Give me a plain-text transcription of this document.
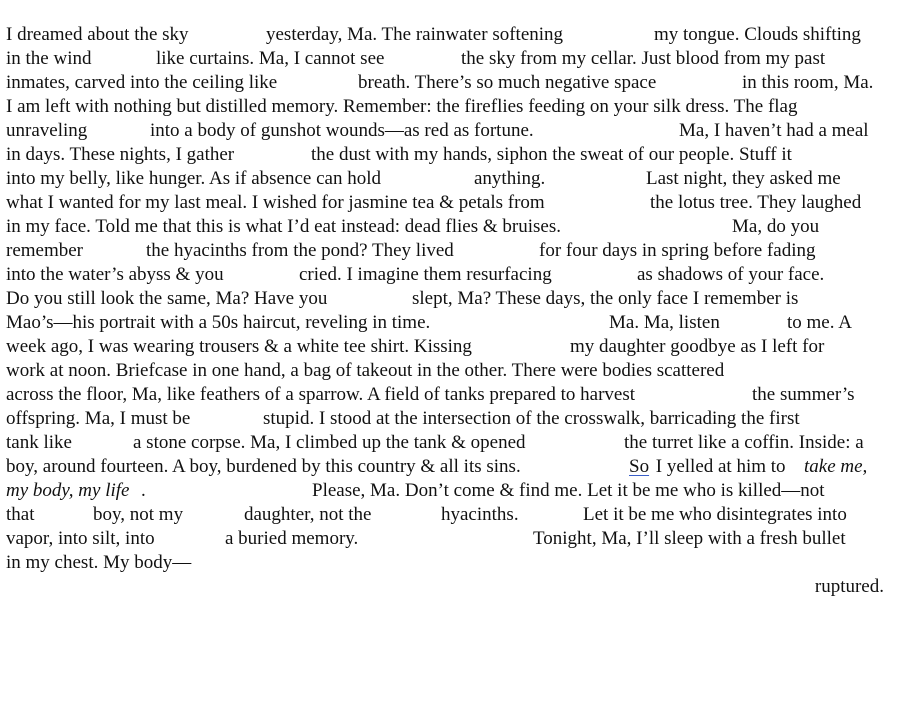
I dreamed about the sky	yesterday, Ma. The rainwater softening	my tongue. Clouds shifting
in the wind	like curtains. Ma, I cannot see	the sky from my cellar. Just blood from my past
inmates, carved into the ceiling like	breath. There’s so much negative space	in this room, Ma.
I am left with nothing but distilled memory. Remember: the fireflies feeding on your silk dress. The flag
unraveling	into a body of gunshot wounds—as red as fortune.	Ma, I haven’t had a meal
in days. These nights, I gather	the dust with my hands, siphon the sweat of our people. Stuff it
into my belly, like hunger. As if absence can hold	anything.	Last night, they asked me
what I wanted for my last meal. I wished for jasmine tea & petals from	the lotus tree. They laughed
in my face. Told me that this is what I’d eat instead: dead flies & bruises.	Ma, do you
remember	the hyacinths from the pond? They lived	for four days in spring before fading
into the water’s abyss & you	cried. I imagine them resurfacing	as shadows of your face.
Do you still look the same, Ma? Have you	slept, Ma? These days, the only face I remember is
Mao’s—his portrait with a 50s haircut, reveling in time.	Ma. Ma, listen	to me. A
week ago, I was wearing trousers & a white tee shirt. Kissing	my daughter goodbye as I left for
work at noon. Briefcase in one hand, a bag of takeout in the other. There were bodies scattered
across the floor, Ma, like feathers of a sparrow. A field of tanks prepared to harvest	the summer’s
offspring. Ma, I must be	stupid. I stood at the intersection of the crosswalk, barricading the first
tank like	a stone corpse. Ma, I climbed up the tank & opened	the turret like a coffin. Inside: a
boy, around fourteen. A boy, burdened by this country & all its sins.	So I yelled at him to take me,
my body, my life .	Please, Ma. Don’t come & find me. Let it be me who is killed—not
that	boy, not my	daughter, not the	hyacinths.	Let it be me who disintegrates into
vapor, into silt, into	a buried memory.	Tonight, Ma, I’ll sleep with a fresh bullet
in my chest. My body—
ruptured.
